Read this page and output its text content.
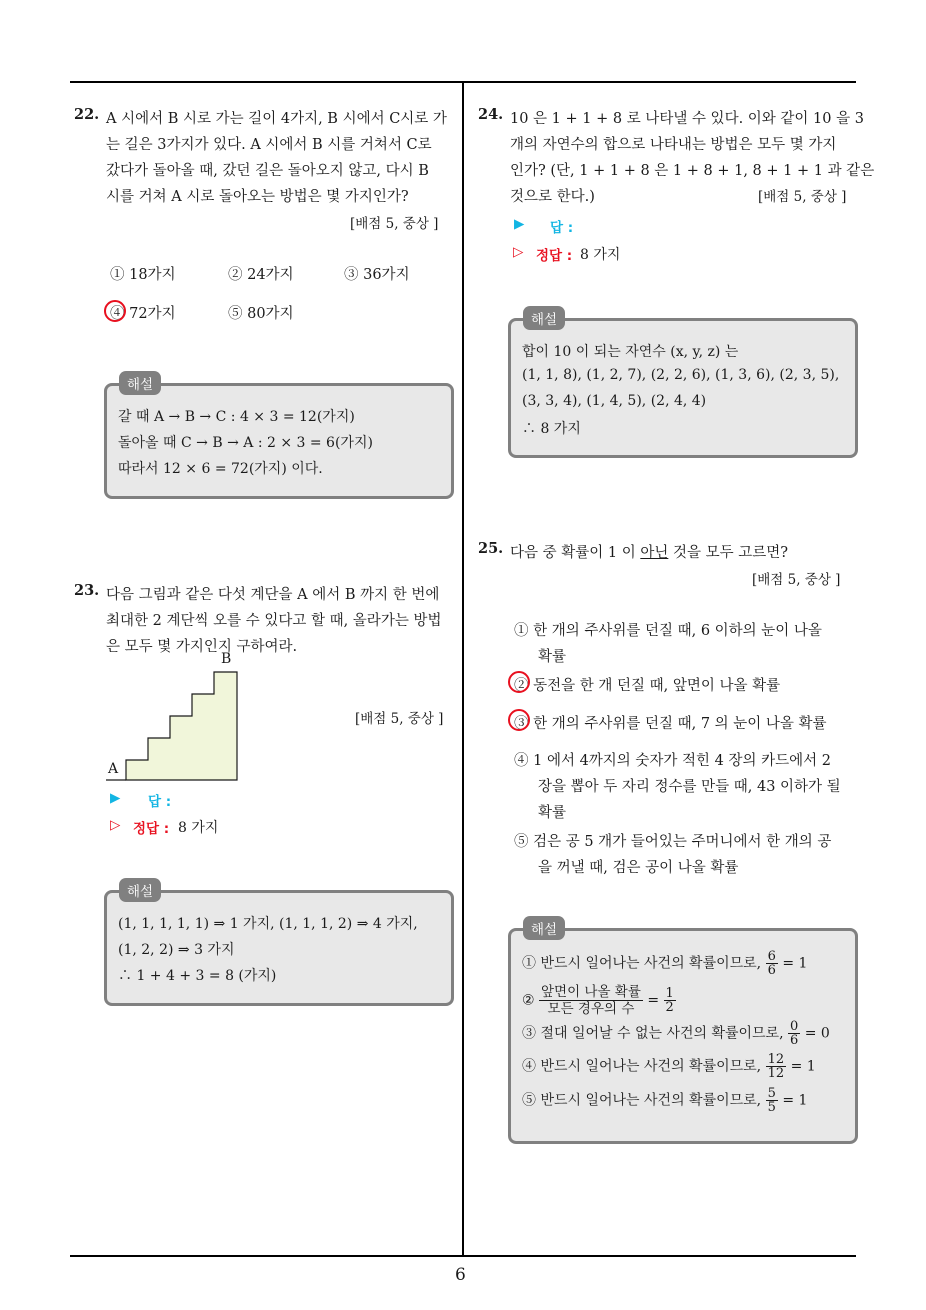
6
22. A 시에서 B 시로 가는 길이 4가지, B 시에서 C시로 가
는 길은 3가지가 있다. A 시에서 B 시를 거쳐서 C로
갔다가 돌아올 때, 갔던 길은 돌아오지 않고, 다시 B
시를 거쳐 A 시로 돌아오는 방법은 몇 가지인가?
[배점 5, 중상 ]
① 18가지	② 24가지	③ 36가지
④ 72가지	⑤ 80가지
해설
갈 때 A → B → C : 4 × 3 = 12(가지)
돌아올 때 C → B → A : 2 × 3 = 6(가지)
따라서 12 × 6 = 72(가지) 이다.
23. 다음 그림과 같은 다섯 계단을 A 에서 B 까지 한 번에
최대한 2 계단씩 오를 수 있다고 할 때, 올라가는 방법
은 모두 몇 가지인지 구하여라.
A
B
[배점 5, 중상 ]
▶ 답 :
▷ 정답 : 8 가지
해설
(1, 1, 1, 1, 1) ⇒ 1 가지, (1, 1, 1, 2) ⇒ 4 가지,
(1, 2, 2) ⇒ 3 가지
∴ 1 + 4 + 3 = 8 (가지)
24. 10 은 1 + 1 + 8 로 나타낼 수 있다. 이와 같이 10 을 3
개의 자연수의 합으로 나타내는 방법은 모두 몇 가지
인가? (단, 1 + 1 + 8 은 1 + 8 + 1, 8 + 1 + 1 과 같은
것으로 한다.)	[배점 5, 중상 ]
▶ 답 :
▷ 정답 : 8 가지
해설
합이 10 이 되는 자연수 (x, y, z) 는
(1, 1, 8), (1, 2, 7), (2, 2, 6), (1, 3, 6), (2, 3, 5),
(3, 3, 4), (1, 4, 5), (2, 4, 4)
∴ 8 가지
25. 다음 중 확률이 1 이 아닌 것을 모두 고르면?
[배점 5, 중상 ]
① 한 개의 주사위를 던질 때, 6 이하의 눈이 나올
확률
② 동전을 한 개 던질 때, 앞면이 나올 확률
③ 한 개의 주사위를 던질 때, 7 의 눈이 나올 확률
④ 1 에서 4까지의 숫자가 적힌 4 장의 카드에서 2
장을 뽑아 두 자리 정수를 만들 때, 43 이하가 될
확률
⑤ 검은 공 5 개가 들어있는 주머니에서 한 개의 공
을 꺼낼 때, 검은 공이 나올 확률
해설
① 반드시 일어나는 사건의 확률이므로, $\frac{6}{6} = 1$
② $\frac{\text{앞면이 나올 확률}}{\text{모든 경우의 수}} = \frac{1}{2}$
③ 절대 일어날 수 없는 사건의 확률이므로, $\frac{0}{6} = 0$
④ 반드시 일어나는 사건의 확률이므로, $\frac{12}{12} = 1$
⑤ 반드시 일어나는 사건의 확률이므로, $\frac{5}{5} = 1$
